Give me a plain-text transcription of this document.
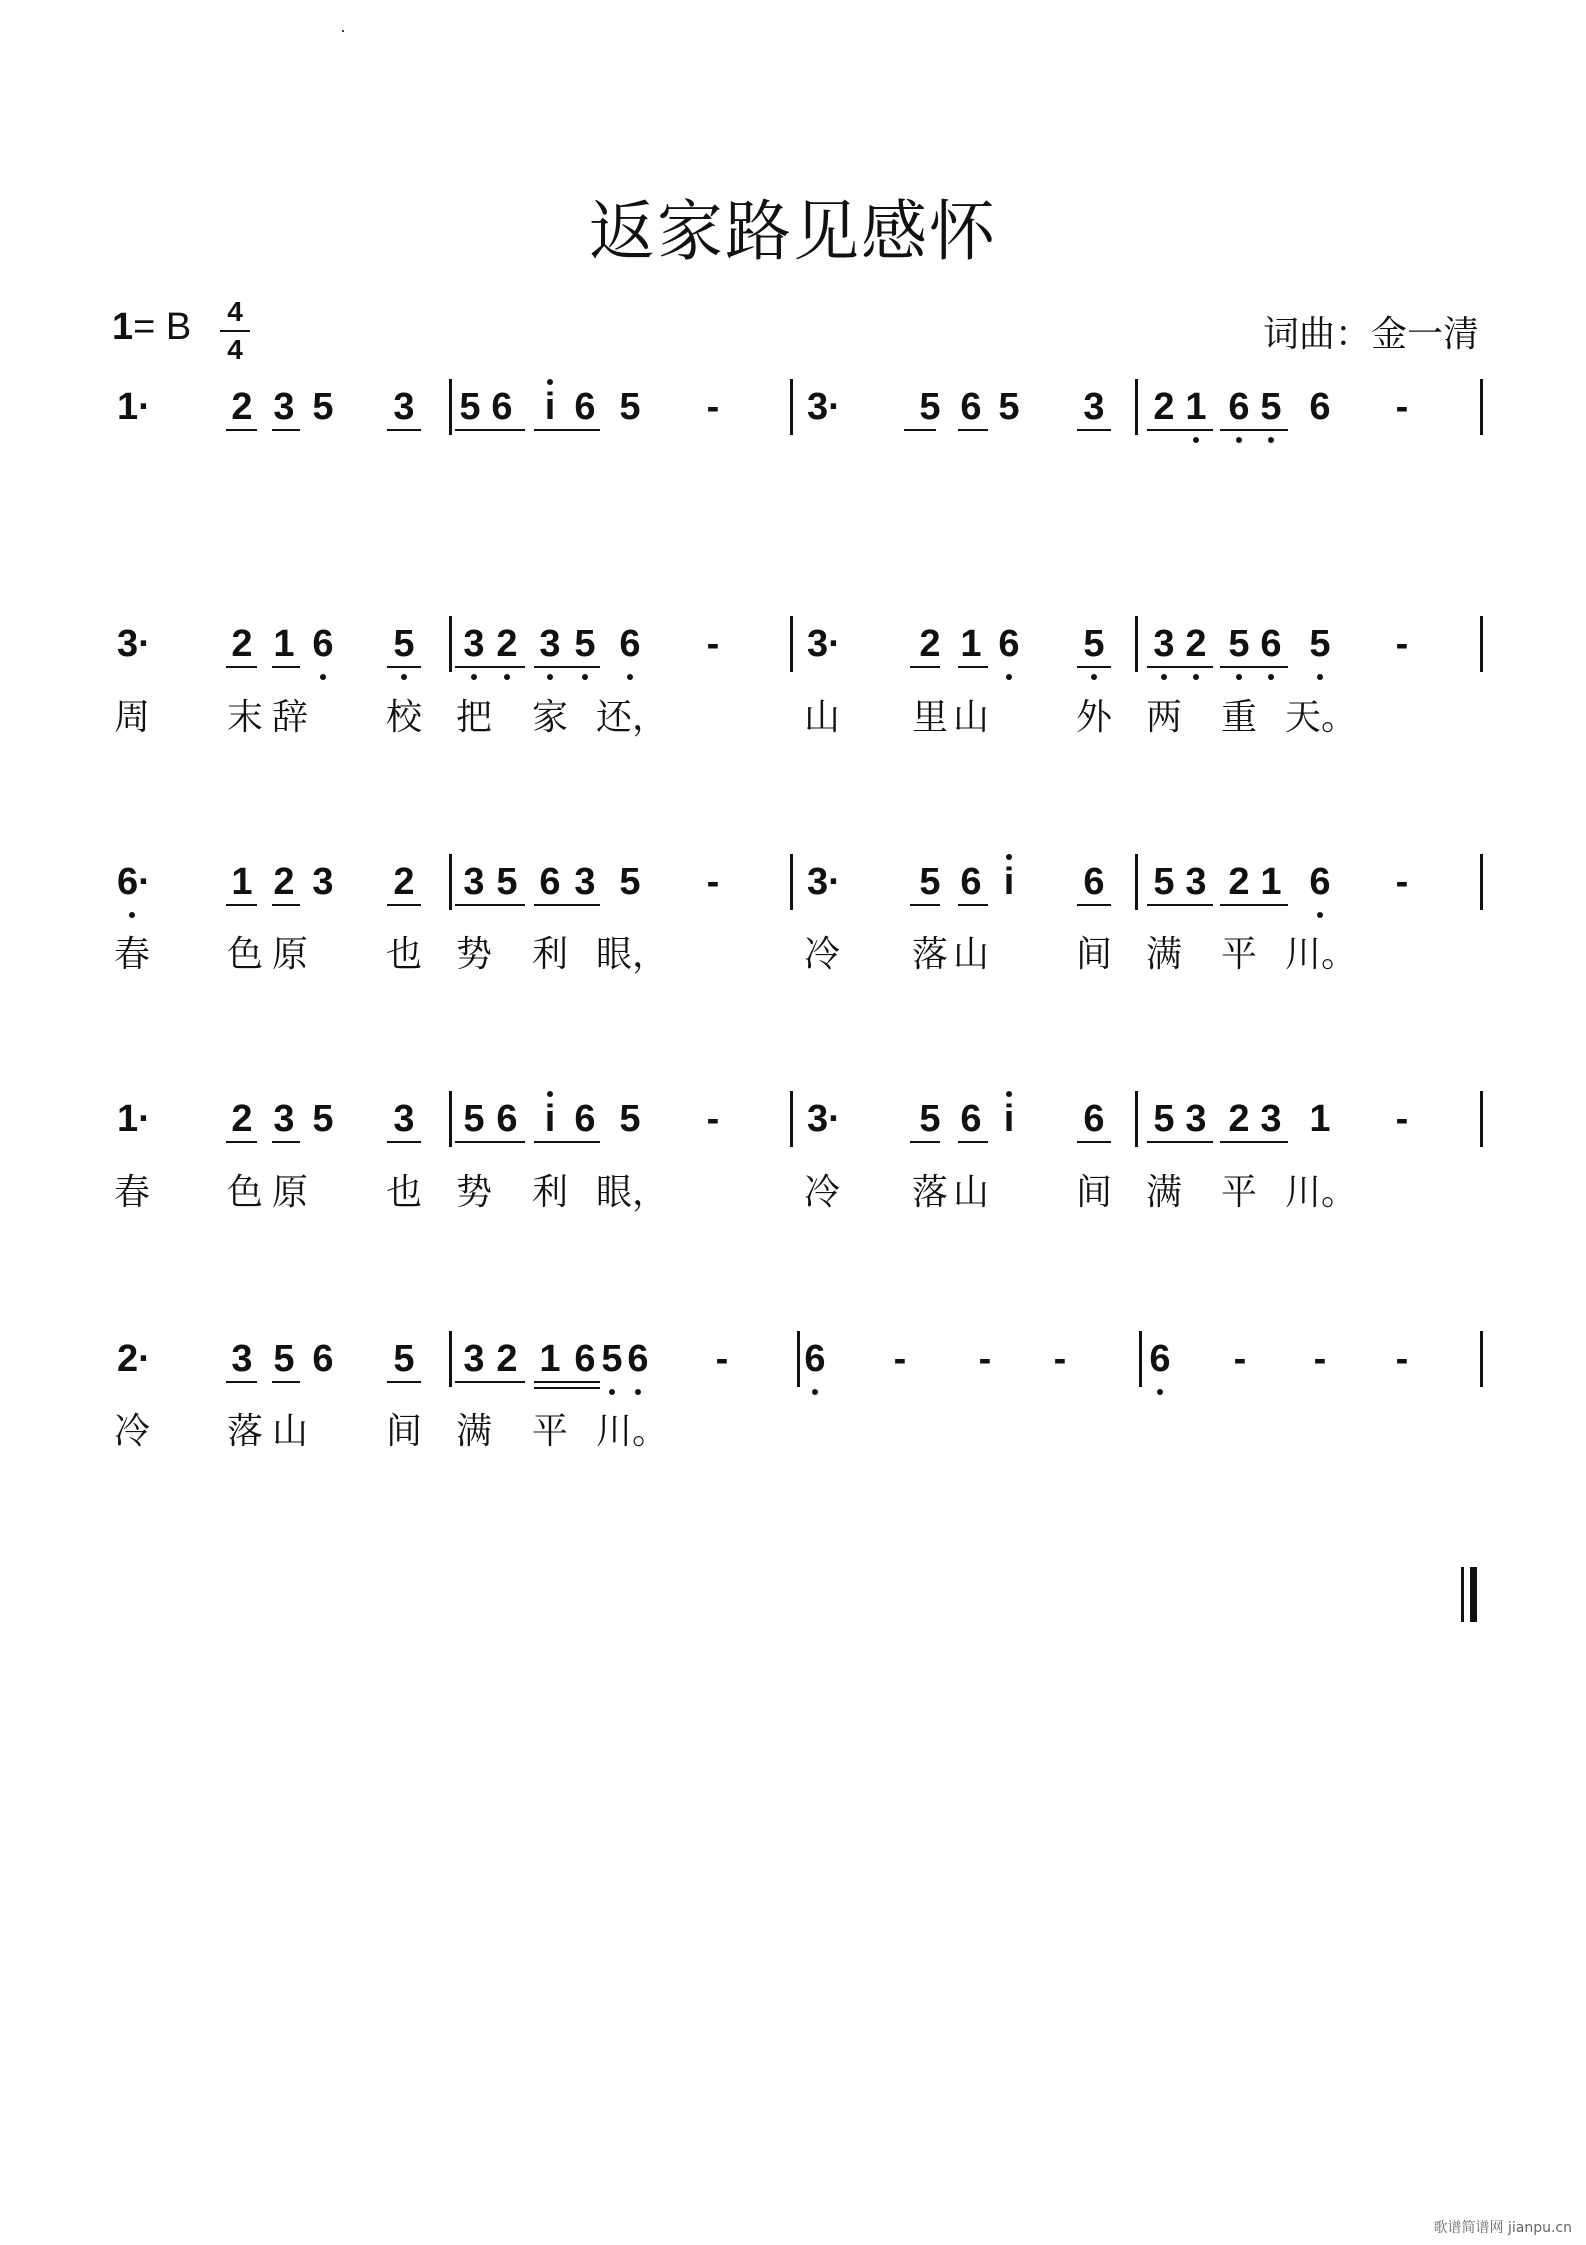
返家路见感怀
1= B 4
4	词曲：金一清
1·	2 3 5 3 5 6 i 6 5 - 3·	5 6 5 3 2 1 6 5 6 -
3·	2 1 6 5 3 2 3 5 6 - 3·	2 1 6 5 3 2 5 6 5 -
周	末 辞	校 把	家 还，	山	里 山	外 两	重 天。
6·	1 2 3 2 3 5 6 3 5 - 3·	5 6 i 6 5 3 2 1 6 -
春	色 原	也 势	利 眼，	冷	落 山	间 满	平 川。
1·	2 3 5 3 5 6 i 6 5 - 3·	5 6 i 6 5 3 2 3 1 -
春	色 原	也 势	利 眼，	冷	落 山	间 满	平 川。
2·	3 5 6 5 3 2 1 6 5 6 - 6 - - - 6 - - -
冷	落 山	间 满	平 川。
歌谱简谱网 jianpu.cn
